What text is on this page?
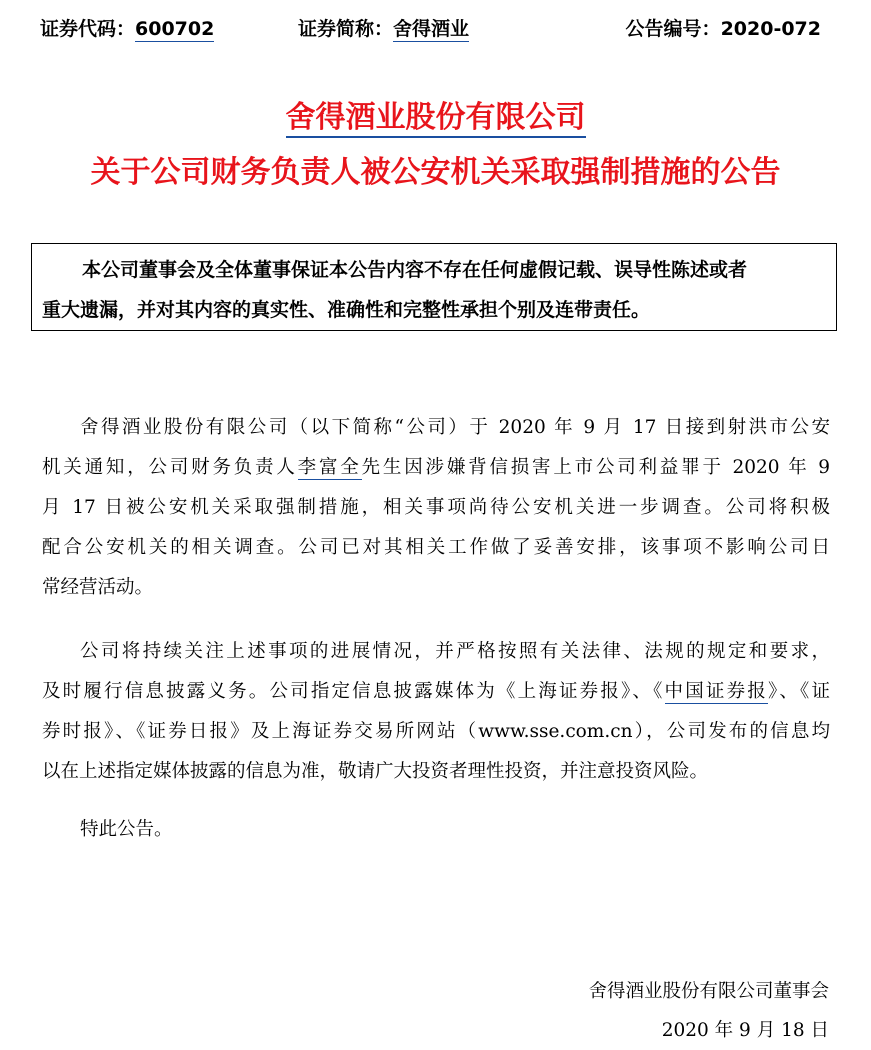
证券代码：600702	证券简称：舍得酒业	公告编号：2020-072
舍得酒业股份有限公司
关于公司财务负责人被公安机关采取强制措施的公告
本公司董事会及全体董事保证本公告内容不存在任何虚假记载、误导性陈述或者
重大遗漏，并对其内容的真实性、准确性和完整性承担个别及连带责任。
舍得酒业股份有限公司（以下简称“公司）于 2020 年 9 月 17 日接到射洪市公安
机关通知，公司财务负责人李富全先生因涉嫌背信损害上市公司利益罪于 2020 年 9
月 17 日被公安机关采取强制措施，相关事项尚待公安机关进一步调查。公司将积极
配合公安机关的相关调查。公司已对其相关工作做了妥善安排，该事项不影响公司日
常经营活动。
公司将持续关注上述事项的进展情况，并严格按照有关法律、法规的规定和要求，
及时履行信息披露义务。公司指定信息披露媒体为《上海证券报》、《中国证券报》、《证
券时报》、《证券日报》及上海证券交易所网站（www.sse.com.cn），公司发布的信息均
以在上述指定媒体披露的信息为准，敬请广大投资者理性投资，并注意投资风险。
特此公告。
舍得酒业股份有限公司董事会
2020 年 9 月 18 日
